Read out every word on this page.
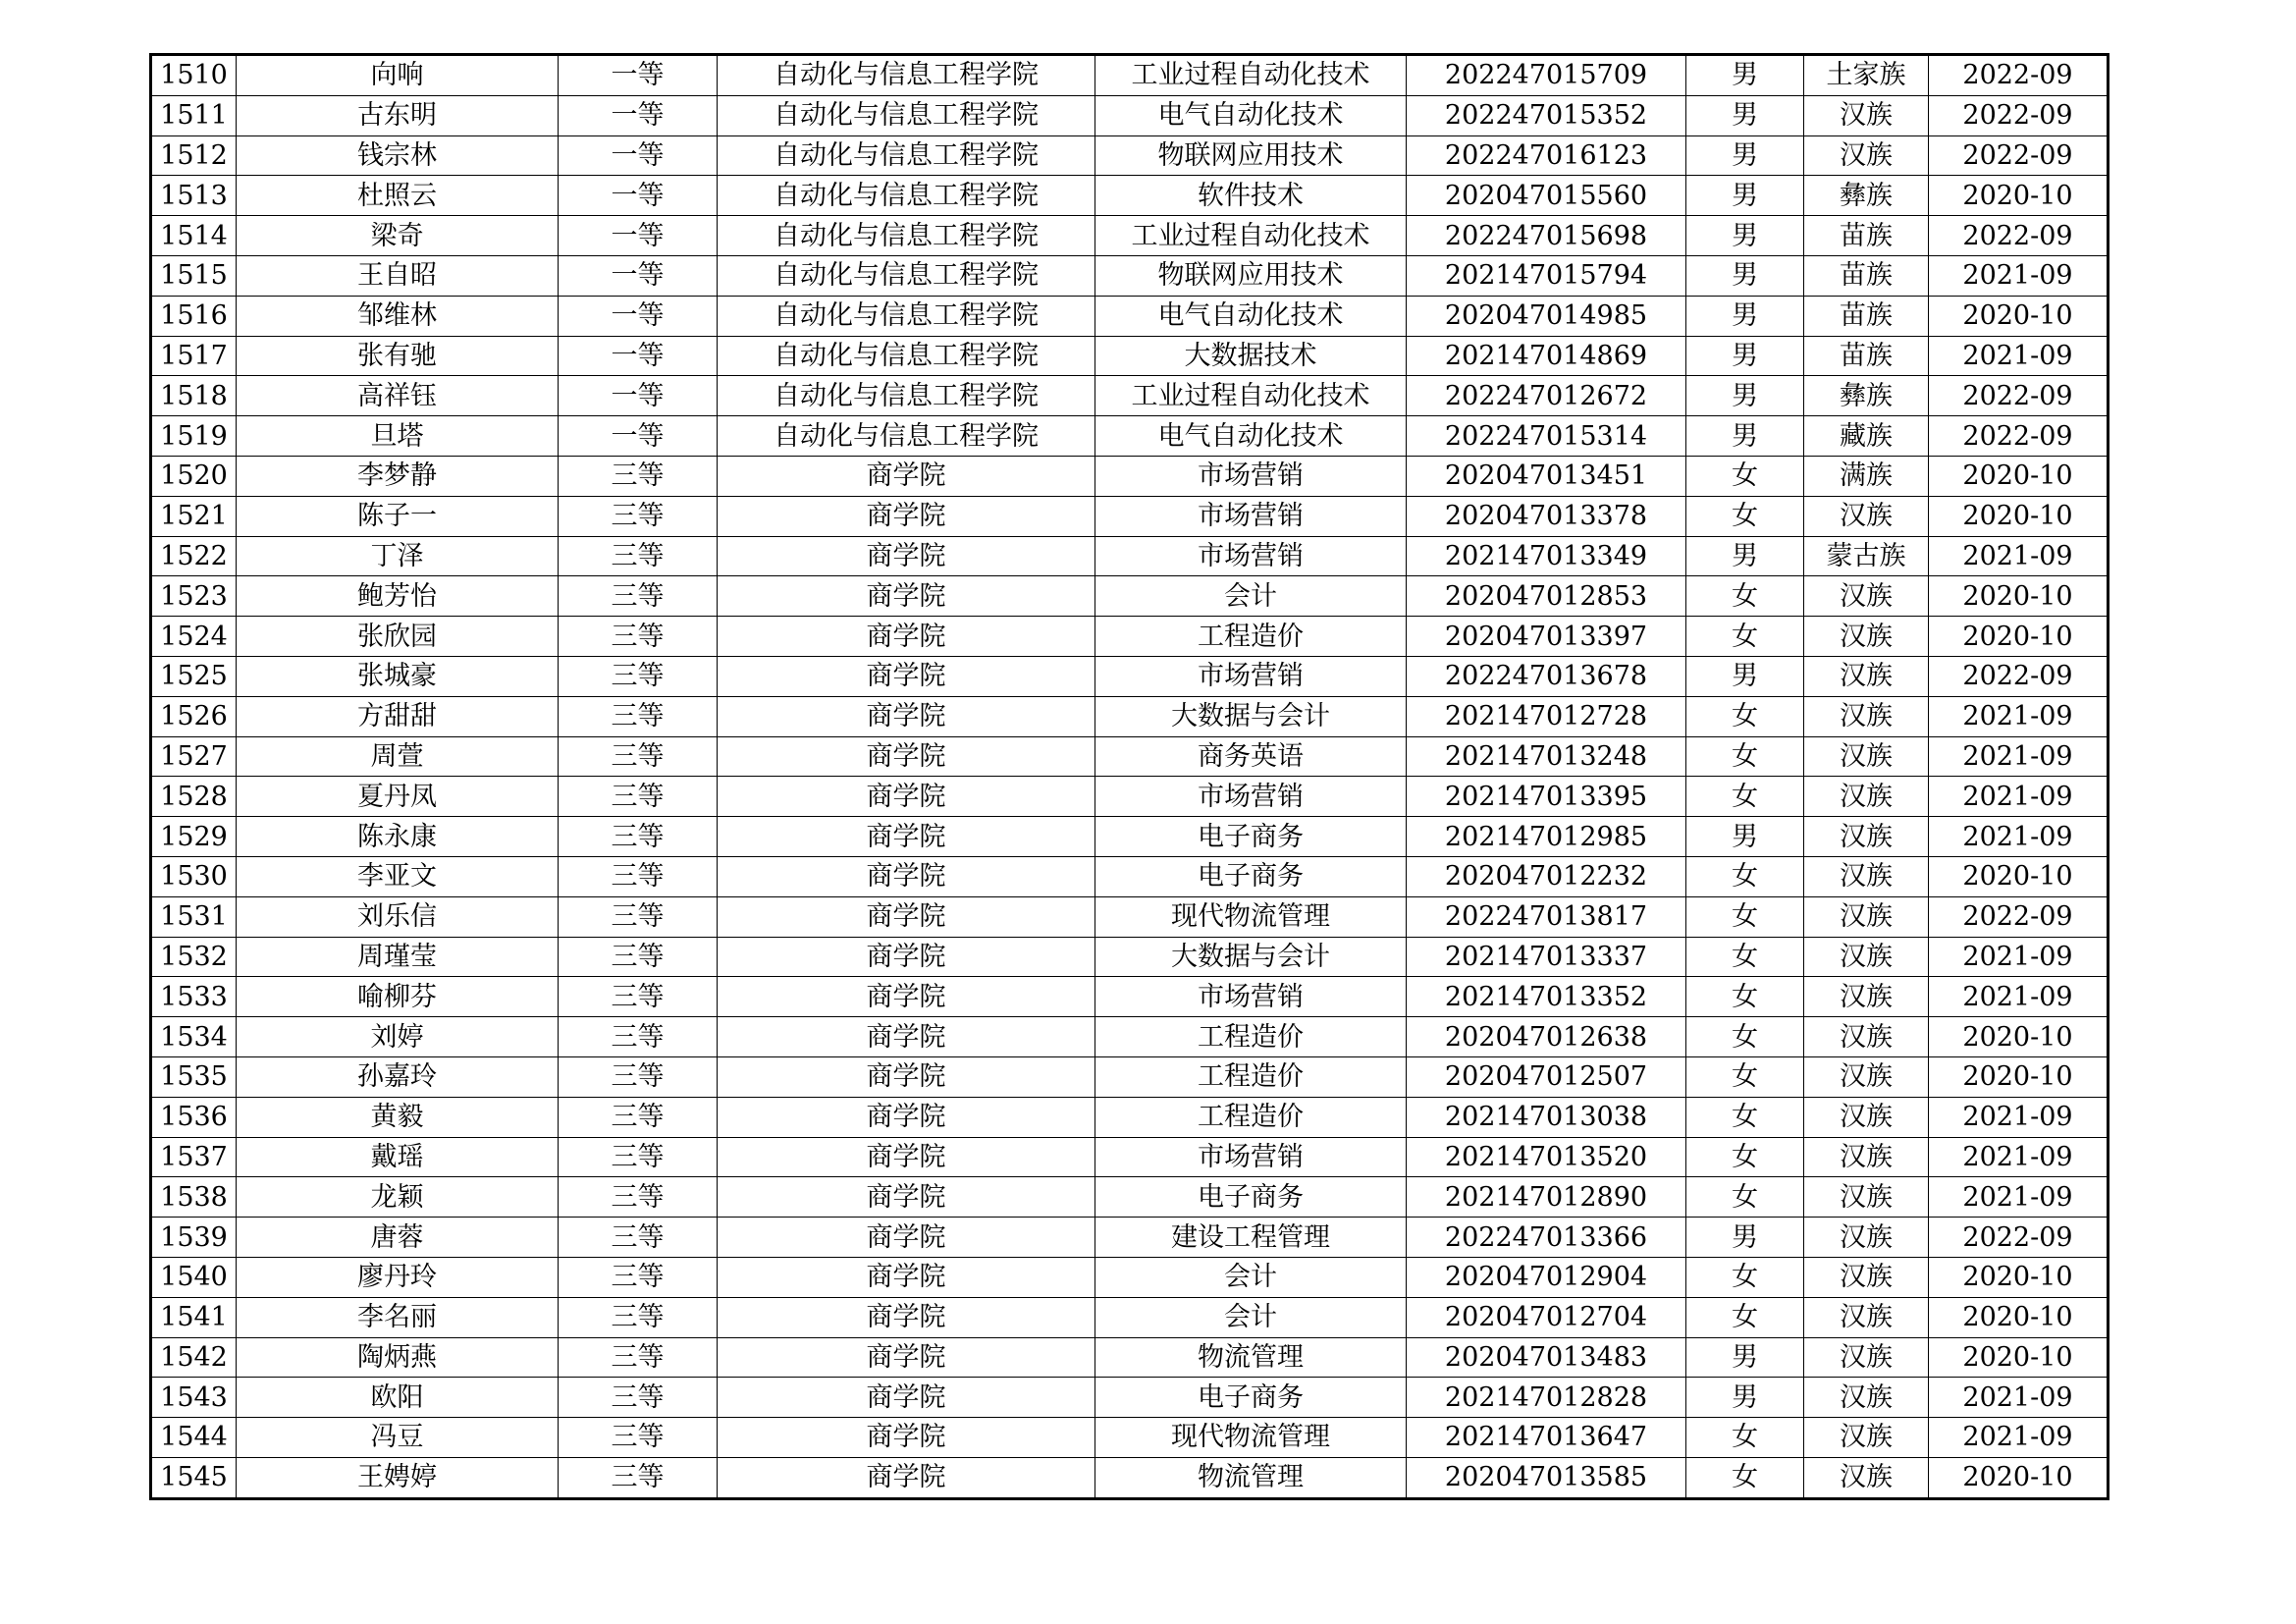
1510	向响	一等	自动化与信息工程学院	工业过程自动化技术	202247015709	男	土家族	2022-09
1511	古东明	一等	自动化与信息工程学院	电气自动化技术	202247015352	男	汉族	2022-09
1512	钱宗林	一等	自动化与信息工程学院	物联网应用技术	202247016123	男	汉族	2022-09
1513	杜照云	一等	自动化与信息工程学院	软件技术	202047015560	男	彝族	2020-10
1514	梁奇	一等	自动化与信息工程学院	工业过程自动化技术	202247015698	男	苗族	2022-09
1515	王自昭	一等	自动化与信息工程学院	物联网应用技术	202147015794	男	苗族	2021-09
1516	邹维林	一等	自动化与信息工程学院	电气自动化技术	202047014985	男	苗族	2020-10
1517	张有驰	一等	自动化与信息工程学院	大数据技术	202147014869	男	苗族	2021-09
1518	高祥钰	一等	自动化与信息工程学院	工业过程自动化技术	202247012672	男	彝族	2022-09
1519	旦塔	一等	自动化与信息工程学院	电气自动化技术	202247015314	男	藏族	2022-09
1520	李梦静	三等	商学院	市场营销	202047013451	女	满族	2020-10
1521	陈子一	三等	商学院	市场营销	202047013378	女	汉族	2020-10
1522	丁泽	三等	商学院	市场营销	202147013349	男	蒙古族	2021-09
1523	鲍芳怡	三等	商学院	会计	202047012853	女	汉族	2020-10
1524	张欣园	三等	商学院	工程造价	202047013397	女	汉族	2020-10
1525	张城豪	三等	商学院	市场营销	202247013678	男	汉族	2022-09
1526	方甜甜	三等	商学院	大数据与会计	202147012728	女	汉族	2021-09
1527	周萱	三等	商学院	商务英语	202147013248	女	汉族	2021-09
1528	夏丹凤	三等	商学院	市场营销	202147013395	女	汉族	2021-09
1529	陈永康	三等	商学院	电子商务	202147012985	男	汉族	2021-09
1530	李亚文	三等	商学院	电子商务	202047012232	女	汉族	2020-10
1531	刘乐信	三等	商学院	现代物流管理	202247013817	女	汉族	2022-09
1532	周瑾莹	三等	商学院	大数据与会计	202147013337	女	汉族	2021-09
1533	喻柳芬	三等	商学院	市场营销	202147013352	女	汉族	2021-09
1534	刘婷	三等	商学院	工程造价	202047012638	女	汉族	2020-10
1535	孙嘉玲	三等	商学院	工程造价	202047012507	女	汉族	2020-10
1536	黄毅	三等	商学院	工程造价	202147013038	女	汉族	2021-09
1537	戴瑶	三等	商学院	市场营销	202147013520	女	汉族	2021-09
1538	龙颖	三等	商学院	电子商务	202147012890	女	汉族	2021-09
1539	唐蓉	三等	商学院	建设工程管理	202247013366	男	汉族	2022-09
1540	廖丹玲	三等	商学院	会计	202047012904	女	汉族	2020-10
1541	李名丽	三等	商学院	会计	202047012704	女	汉族	2020-10
1542	陶炳燕	三等	商学院	物流管理	202047013483	男	汉族	2020-10
1543	欧阳	三等	商学院	电子商务	202147012828	男	汉族	2021-09
1544	冯豆	三等	商学院	现代物流管理	202147013647	女	汉族	2021-09
1545	王娉婷	三等	商学院	物流管理	202047013585	女	汉族	2020-10
